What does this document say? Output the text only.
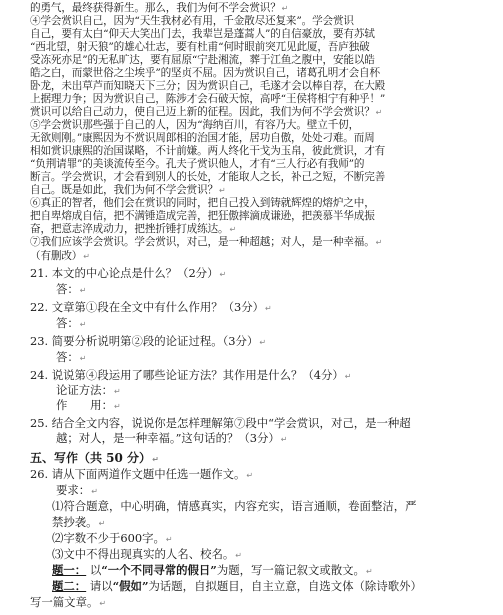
的勇气，最终获得新生。那么，我们为何不学会赏识？↵
④学会赏识自己，因为“天生我材必有用，千金散尽还复来”。学会赏识
自己，要有太白“仰天大笑出门去，我辈岂是蓬蒿人”的自信豪放，要有苏轼
“西北望，射天狼”的雄心壮志，要有杜甫“何时眼前突兀见此厦，吾庐独破
受冻死亦足”的无私旷达，要有屈原“宁赴湘流，葬于江鱼之腹中，安能以皓
皓之白，而蒙世俗之尘埃乎”的坚贞不屈。因为赏识自己，诸葛孔明才会自杯
卧龙，未出草芦而知晓天下三分；因为赏识自己，毛遂才会以棒自荐，在大殿
上据理力争；因为赏识自己，陈涉才会石破天惊，高呼“王侯将相宁有种乎！”
赏识可以给自己动力，使自己迈上新的征程。因此，我们为何不学会赏识？↵
⑤学会赏识那些强于自己的人，因为“海纳百川，有容乃大。壁立千仞，
无欲则刚。”康熙因为不赏识周郎相的治国才能，居功自傲，处处刁难。而周
相如赏识康熙的治国谋略，不计前嫌。两人终化干戈为玉帛，彼此赏识，才有
“负荆请罪”的美谈流传至今。孔夫子赏识他人，才有“三人行必有我师”的
断言。学会赏识，才会看到别人的长处，才能取人之长，补己之短，不断完善
自己。既是如此，我们为何不学会赏识？↵
⑥真正的智者，他们会在赏识的同时，把自己投入到铸就辉煌的熔炉之中，
把自卑熔成自信，把不满锤造成完善，把狂傲摔滴成谦逊，把羡慕半华成振
奋，把意志淬成动力，把挫折锤打成练达。↵
⑦我们应该学会赏识。学会赏识，对己，是一种超越；对人，是一种幸福。↵
（有删改）↵
21. 本文的中心论点是什么？（2分）↵
答：↵
22. 文章第①段在全文中有什么作用？（3分）↵
答：↵
23. 简要分析说明第②段的论证过程。（3分）↵
答：↵
24. 说说第④段运用了哪些论证方法？其作用是什么？（4分）↵
论证方法：↵
作　　用：↵
25. 结合全文内容，说说你是怎样理解第⑦段中“学会赏识，对己，是一种超
越；对人，是一种幸福。”这句话的？（3分）↵
五、写作（共 50 分）↵
26. 请从下面两道作文题中任选一题作文。↵
要求：↵
⑴符合题意，中心明确，情感真实，内容充实，语言通顺，卷面整洁，严
禁抄袭。↵
⑵字数不少于600字。↵
⑶文中不得出现真实的人名、校名。↵
题一： 以“一个不同寻常的假日”为题，写一篇记叙文或散文。↵
题二： 请以“假如”为话题，自拟题目，自主立意，自选文体（除诗歌外）
写一篇文章。↵
